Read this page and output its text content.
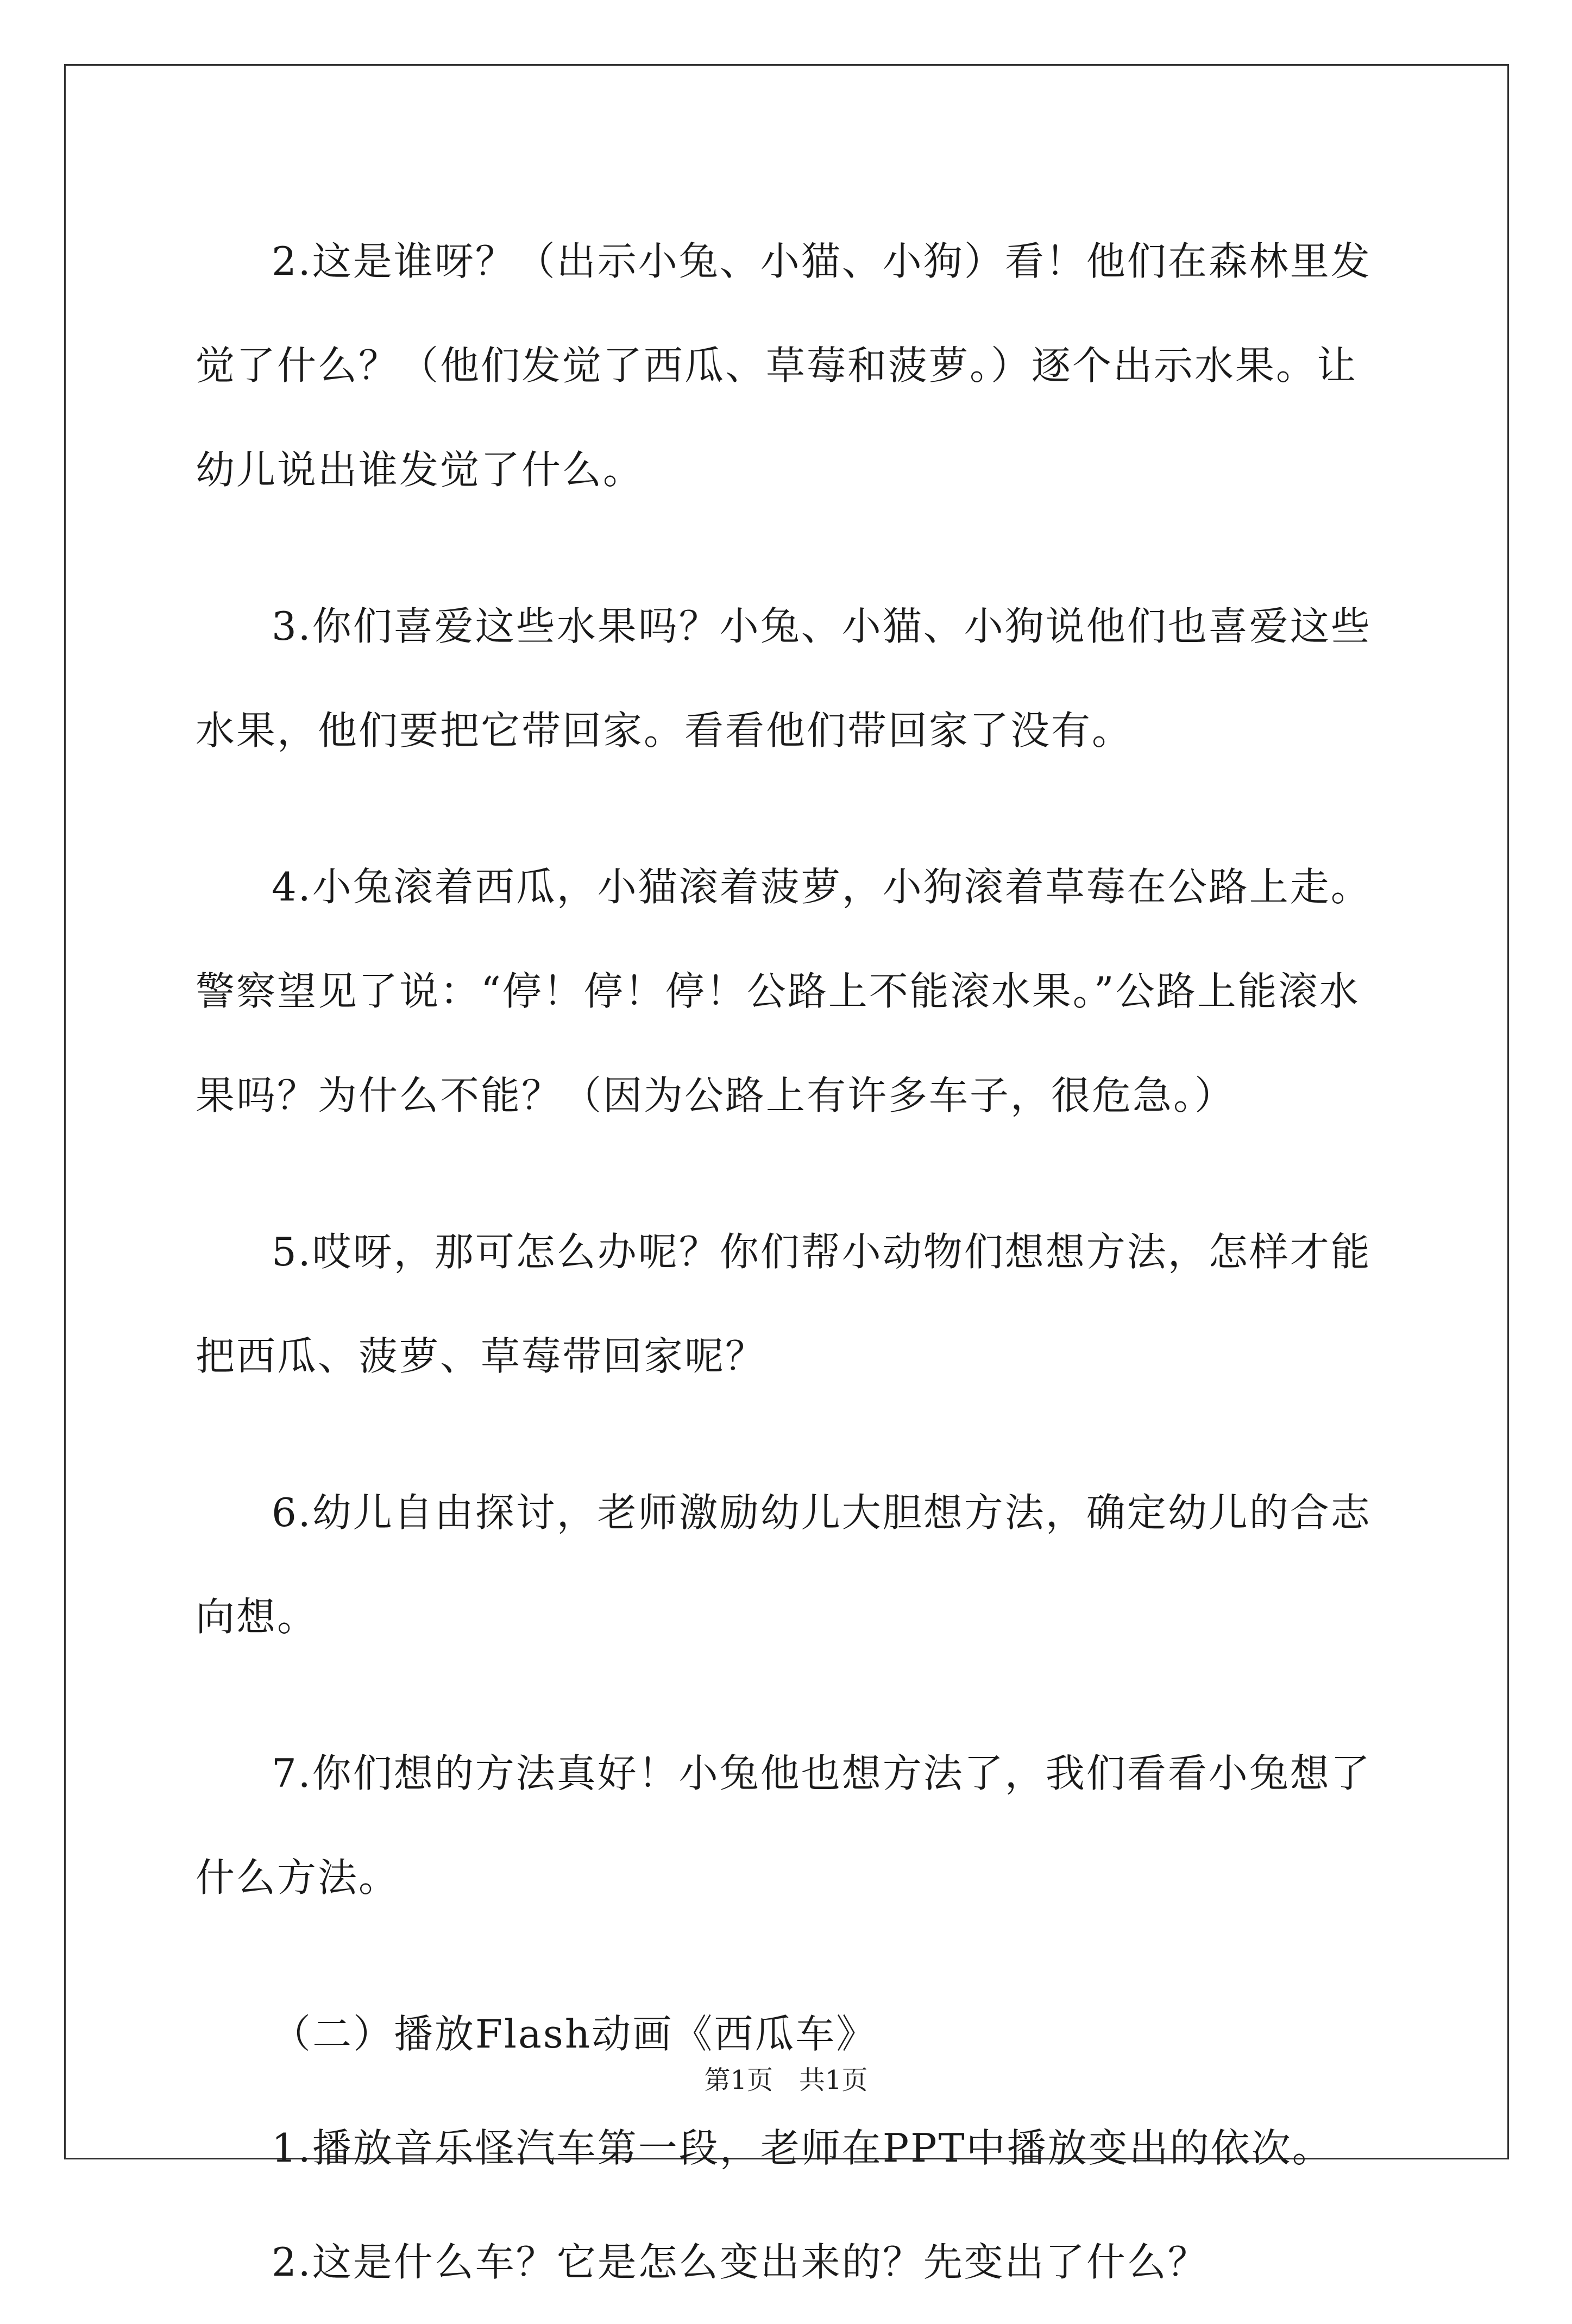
2.这是谁呀？（出示小兔、小猫、小狗）看！他们在森林里发觉了什么？（他们发觉了西瓜、草莓和菠萝。）逐个出示水果。让幼儿说出谁发觉了什么。

3.你们喜爱这些水果吗？小兔、小猫、小狗说他们也喜爱这些水果，他们要把它带回家。看看他们带回家了没有。

4.小兔滚着西瓜，小猫滚着菠萝，小狗滚着草莓在公路上走。警察望见了说：“停！停！停！公路上不能滚水果。”公路上能滚水果吗？为什么不能？（因为公路上有许多车子，很危急。）

5.哎呀，那可怎么办呢？你们帮小动物们想想方法，怎样才能把西瓜、菠萝、草莓带回家呢？

6.幼儿自由探讨，老师激励幼儿大胆想方法，确定幼儿的合志向想。

7.你们想的方法真好！小兔他也想方法了，我们看看小兔想了什么方法。

（二）播放Flash动画《西瓜车》

1.播放音乐怪汽车第一段，老师在PPT中播放变出的依次。

2.这是什么车？它是怎么变出来的？先变出了什么？

第1页　共1页
